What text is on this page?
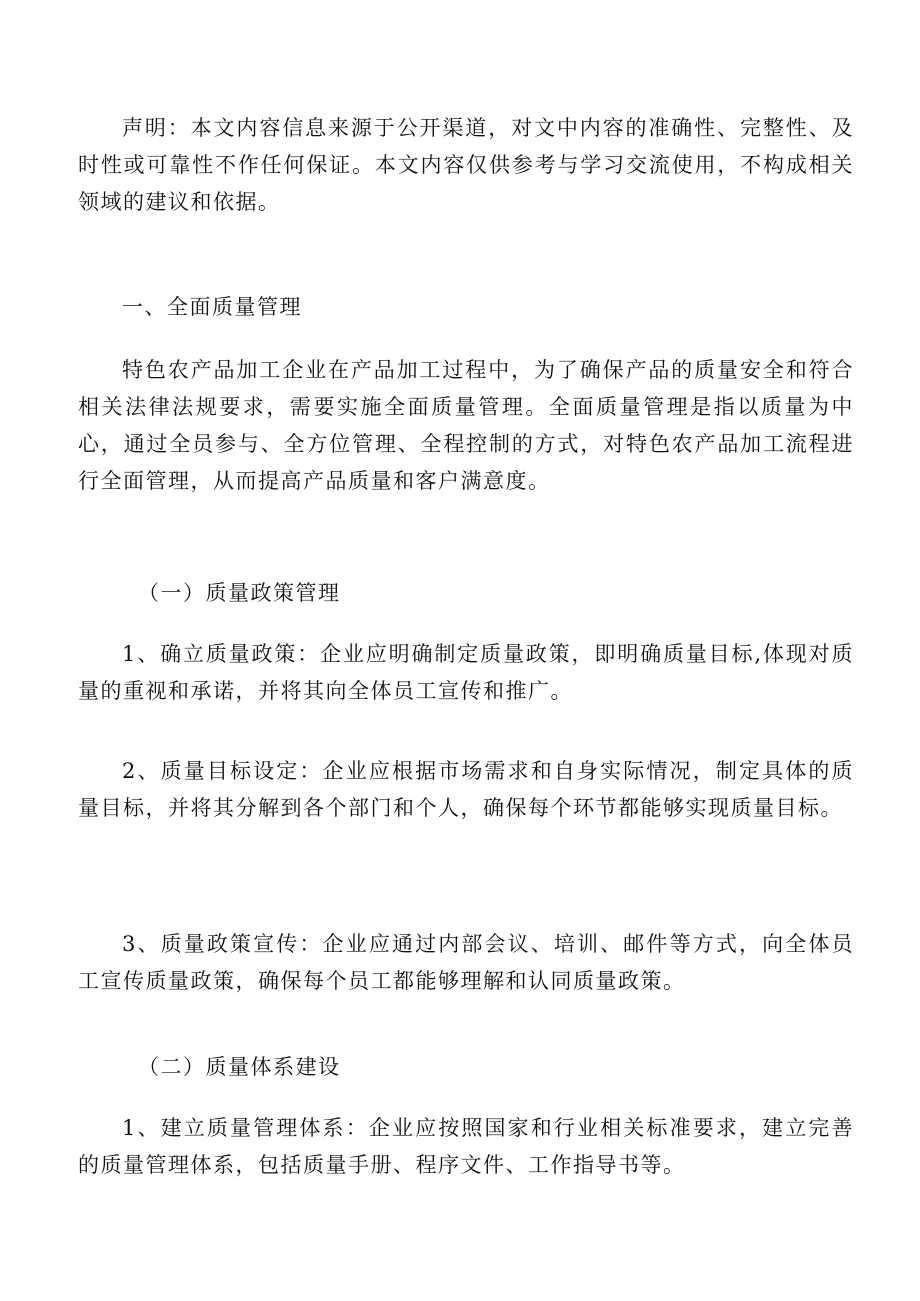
声明：本文内容信息来源于公开渠道，对文中内容的准确性、完整性、及时性或可靠性不作任何保证。本文内容仅供参考与学习交流使用，不构成相关领域的建议和依据。

一、全面质量管理

特色农产品加工企业在产品加工过程中，为了确保产品的质量安全和符合相关法律法规要求，需要实施全面质量管理。全面质量管理是指以质量为中心，通过全员参与、全方位管理、全程控制的方式，对特色农产品加工流程进行全面管理，从而提高产品质量和客户满意度。

（一）质量政策管理

1、确立质量政策：企业应明确制定质量政策，即明确质量目标,体现对质量的重视和承诺，并将其向全体员工宣传和推广。

2、质量目标设定：企业应根据市场需求和自身实际情况，制定具体的质量目标，并将其分解到各个部门和个人，确保每个环节都能够实现质量目标。

3、质量政策宣传：企业应通过内部会议、培训、邮件等方式，向全体员工宣传质量政策，确保每个员工都能够理解和认同质量政策。

（二）质量体系建设

1、建立质量管理体系：企业应按照国家和行业相关标准要求，建立完善的质量管理体系，包括质量手册、程序文件、工作指导书等。
